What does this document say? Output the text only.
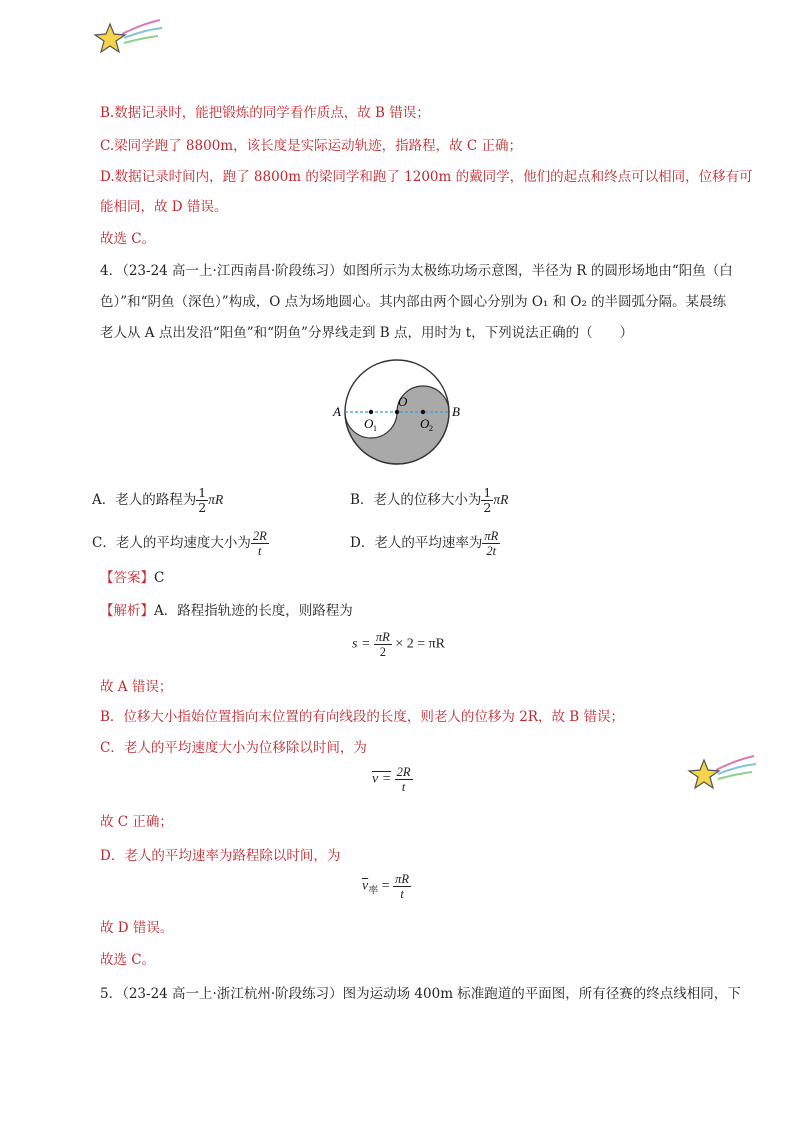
B.数据记录时，能把锻炼的同学看作质点，故 B 错误；
C.梁同学跑了 8800m，该长度是实际运动轨迹，指路程，故 C 正确；
D.数据记录时间内，跑了 8800m 的梁同学和跑了 1200m 的戴同学，他们的起点和终点可以相同，位移有可
能相同，故 D 错误。
故选 C。
4．（23-24 高一上·江西南昌·阶段练习）如图所示为太极练功场示意图，半径为 R 的圆形场地由“阳鱼（白
色）”和“阴鱼（深色）”构成，O 点为场地圆心。其内部由两个圆心分别为 O₁ 和 O₂ 的半圆弧分隔。某晨练
老人从 A 点出发沿“阳鱼”和“阴鱼”分界线走到 B 点，用时为 t，下列说法正确的（　　）
A	B
O
O 1	O 2
A．老人的路程为 $\frac{1}{2}$ πR	B．老人的位移大小为 $\frac{1}{2}$ πR
C．老人的平均速度大小为 $\frac{2R}{t}$	D．老人的平均速率为 $\frac{\pi R}{2t}$
【答案】C
【解析】A．路程指轨迹的长度，则路程为
$s = \frac{\pi R}{2} \times 2 = \pi R$
故 A 错误；
B．位移大小指始位置指向末位置的有向线段的长度，则老人的位移为 2R，故 B 错误；
C．老人的平均速度大小为位移除以时间，为
$v = \frac{2R}{t}$
故 C 正确；
D．老人的平均速率为路程除以时间，为
$\overline{v}_率 = \frac{\pi R}{t}$
故 D 错误。
故选 C。
5．（23-24 高一上·浙江杭州·阶段练习）图为运动场 400m 标准跑道的平面图，所有径赛的终点线相同，下
